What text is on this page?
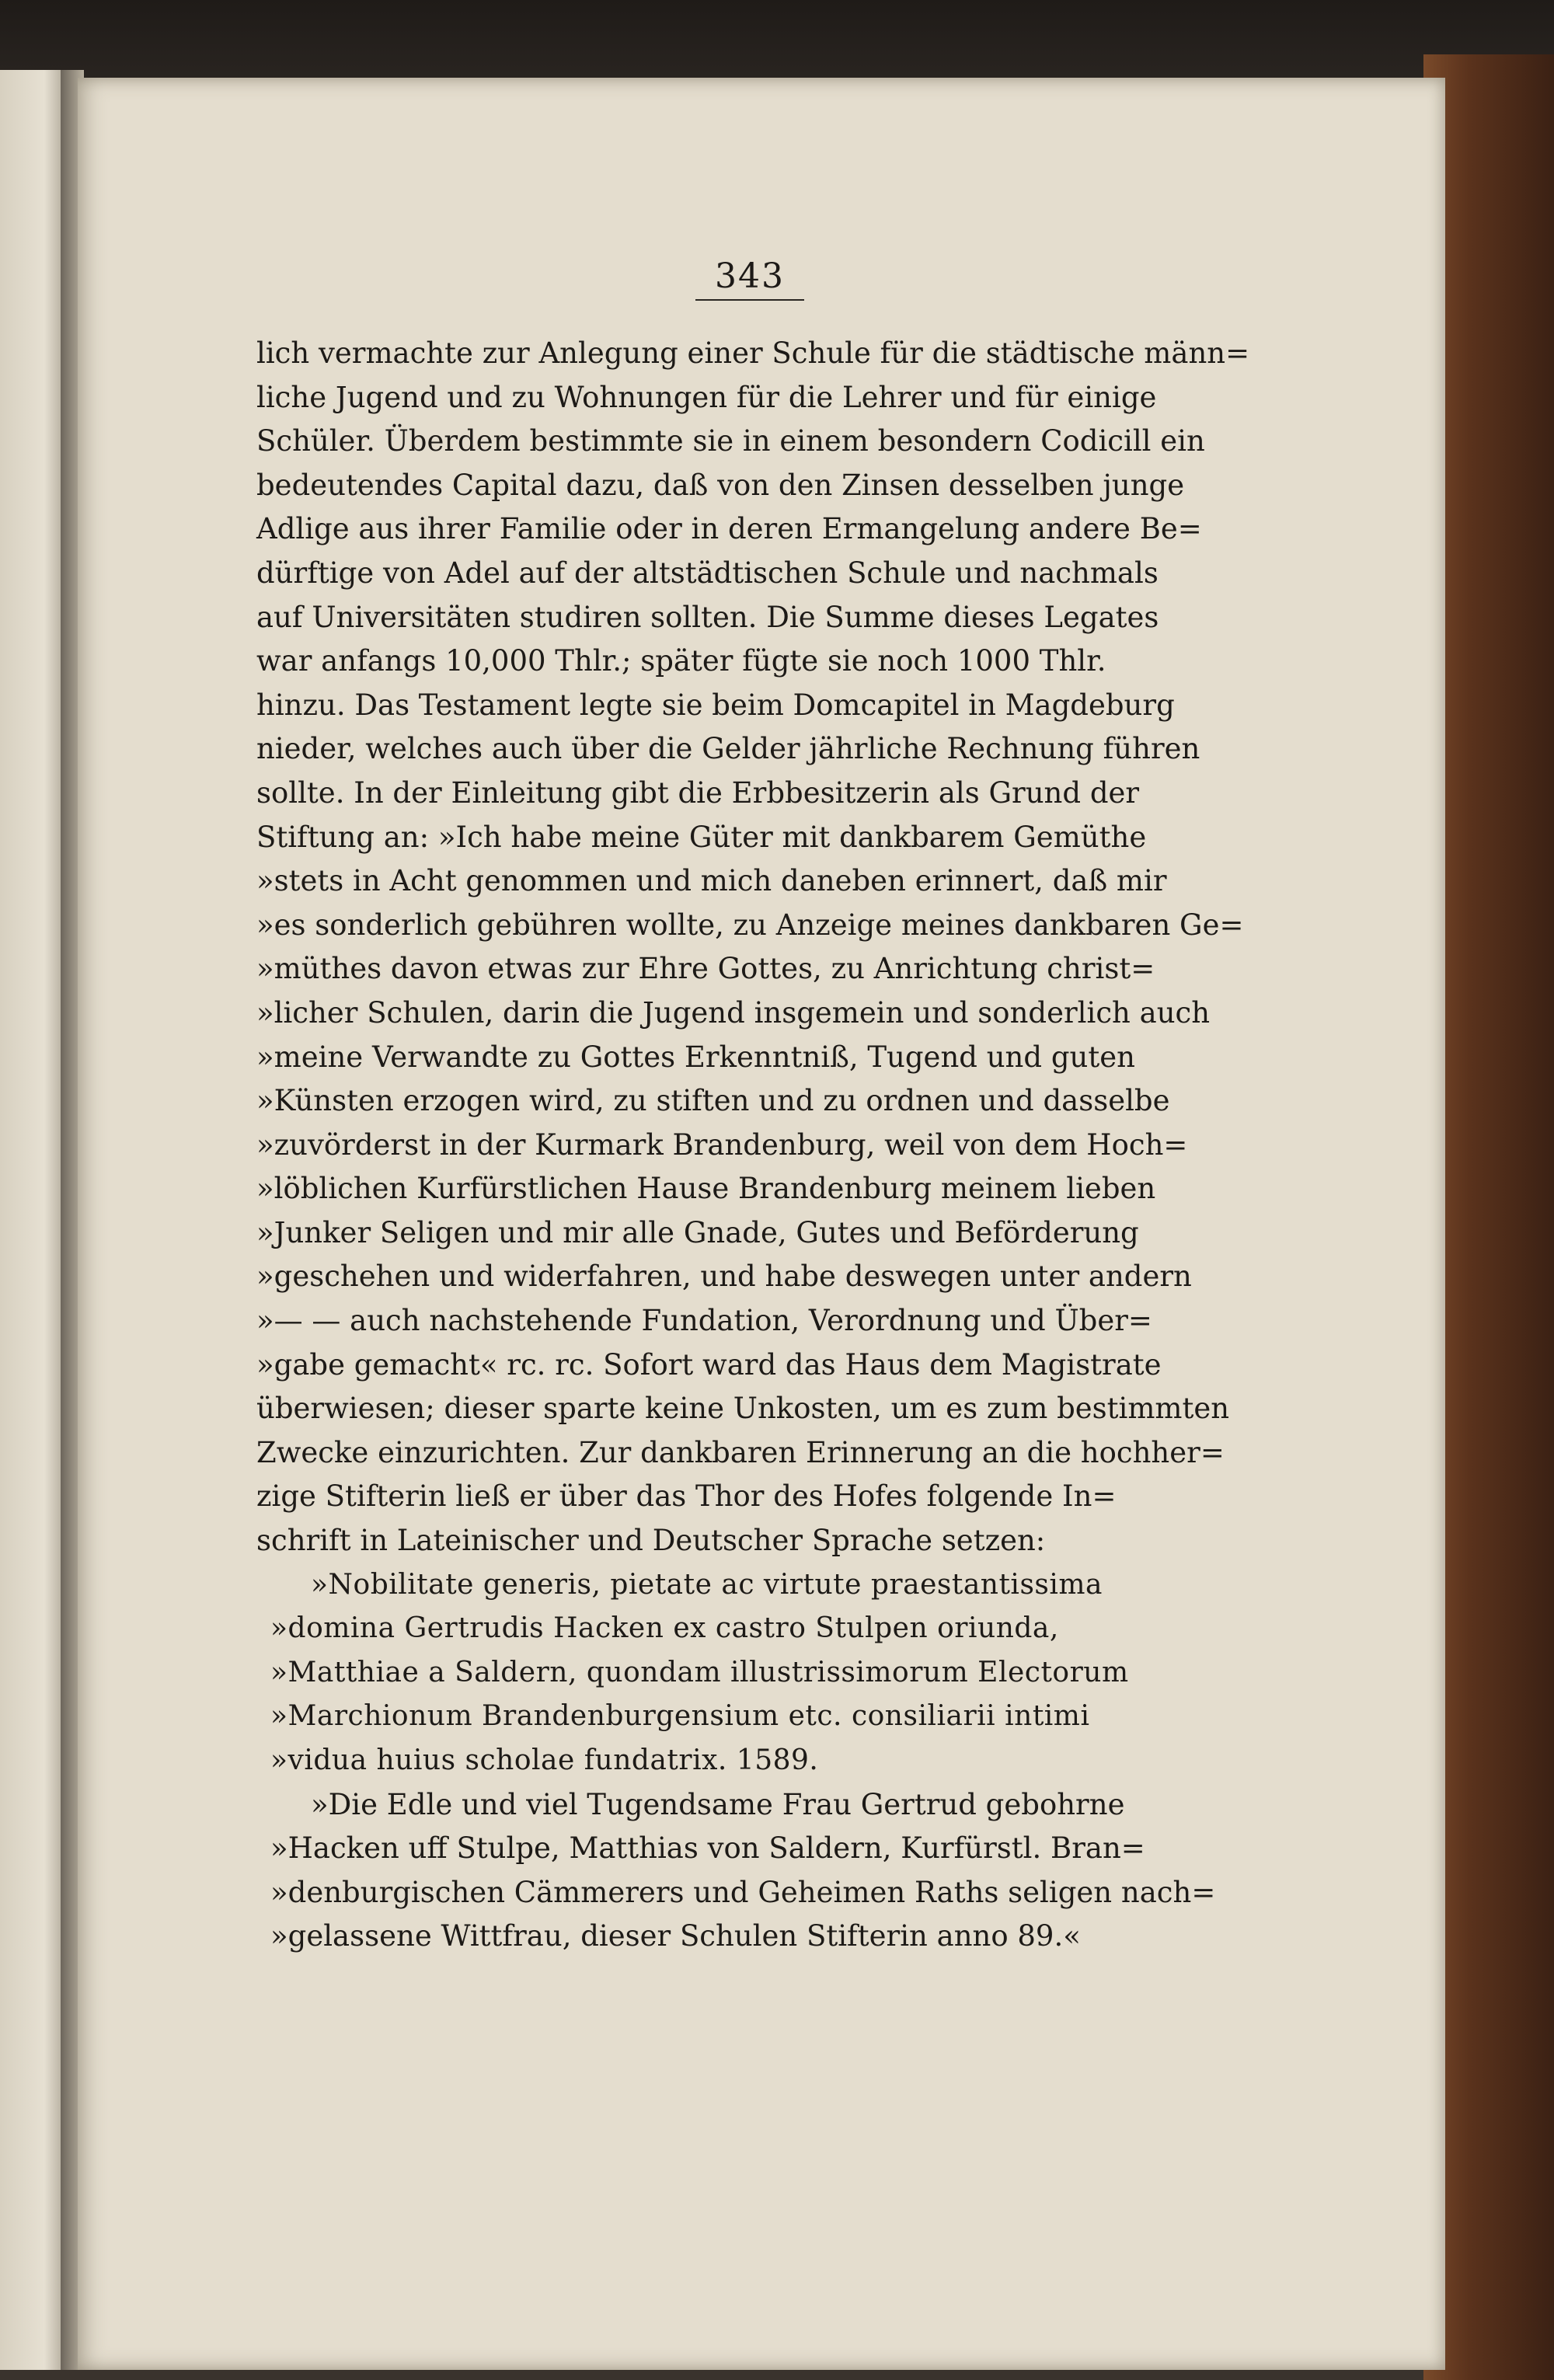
343
lich vermachte zur Anlegung einer Schule für die städtische männ=
liche Jugend und zu Wohnungen für die Lehrer und für einige
Schüler. Überdem bestimmte sie in einem besondern Codicill ein
bedeutendes Capital dazu, daß von den Zinsen desselben junge
Adlige aus ihrer Familie oder in deren Ermangelung andere Be=
dürftige von Adel auf der altstädtischen Schule und nachmals
auf Universitäten studiren sollten. Die Summe dieses Legates
war anfangs 10,000 Thlr.; später fügte sie noch 1000 Thlr.
hinzu. Das Testament legte sie beim Domcapitel in Magdeburg
nieder, welches auch über die Gelder jährliche Rechnung führen
sollte. In der Einleitung gibt die Erbbesitzerin als Grund der
Stiftung an: »Ich habe meine Güter mit dankbarem Gemüthe
»stets in Acht genommen und mich daneben erinnert, daß mir
»es sonderlich gebühren wollte, zu Anzeige meines dankbaren Ge=
»müthes davon etwas zur Ehre Gottes, zu Anrichtung christ=
»licher Schulen, darin die Jugend insgemein und sonderlich auch
»meine Verwandte zu Gottes Erkenntniß, Tugend und guten
»Künsten erzogen wird, zu stiften und zu ordnen und dasselbe
»zuvörderst in der Kurmark Brandenburg, weil von dem Hoch=
»löblichen Kurfürstlichen Hause Brandenburg meinem lieben
»Junker Seligen und mir alle Gnade, Gutes und Beförderung
»geschehen und widerfahren, und habe deswegen unter andern
»— — auch nachstehende Fundation, Verordnung und Über=
»gabe gemacht« rc. rc. Sofort ward das Haus dem Magistrate
überwiesen; dieser sparte keine Unkosten, um es zum bestimmten
Zwecke einzurichten. Zur dankbaren Erinnerung an die hochher=
zige Stifterin ließ er über das Thor des Hofes folgende In=
schrift in Lateinischer und Deutscher Sprache setzen:
»Nobilitate generis, pietate ac virtute praestantissima
»domina Gertrudis Hacken ex castro Stulpen oriunda,
»Matthiae a Saldern, quondam illustrissimorum Electorum
»Marchionum Brandenburgensium etc. consiliarii intimi
»vidua huius scholae fundatrix. 1589.
»Die Edle und viel Tugendsame Frau Gertrud gebohrne
»Hacken uff Stulpe, Matthias von Saldern, Kurfürstl. Bran=
»denburgischen Cämmerers und Geheimen Raths seligen nach=
»gelassene Wittfrau, dieser Schulen Stifterin anno 89.«
